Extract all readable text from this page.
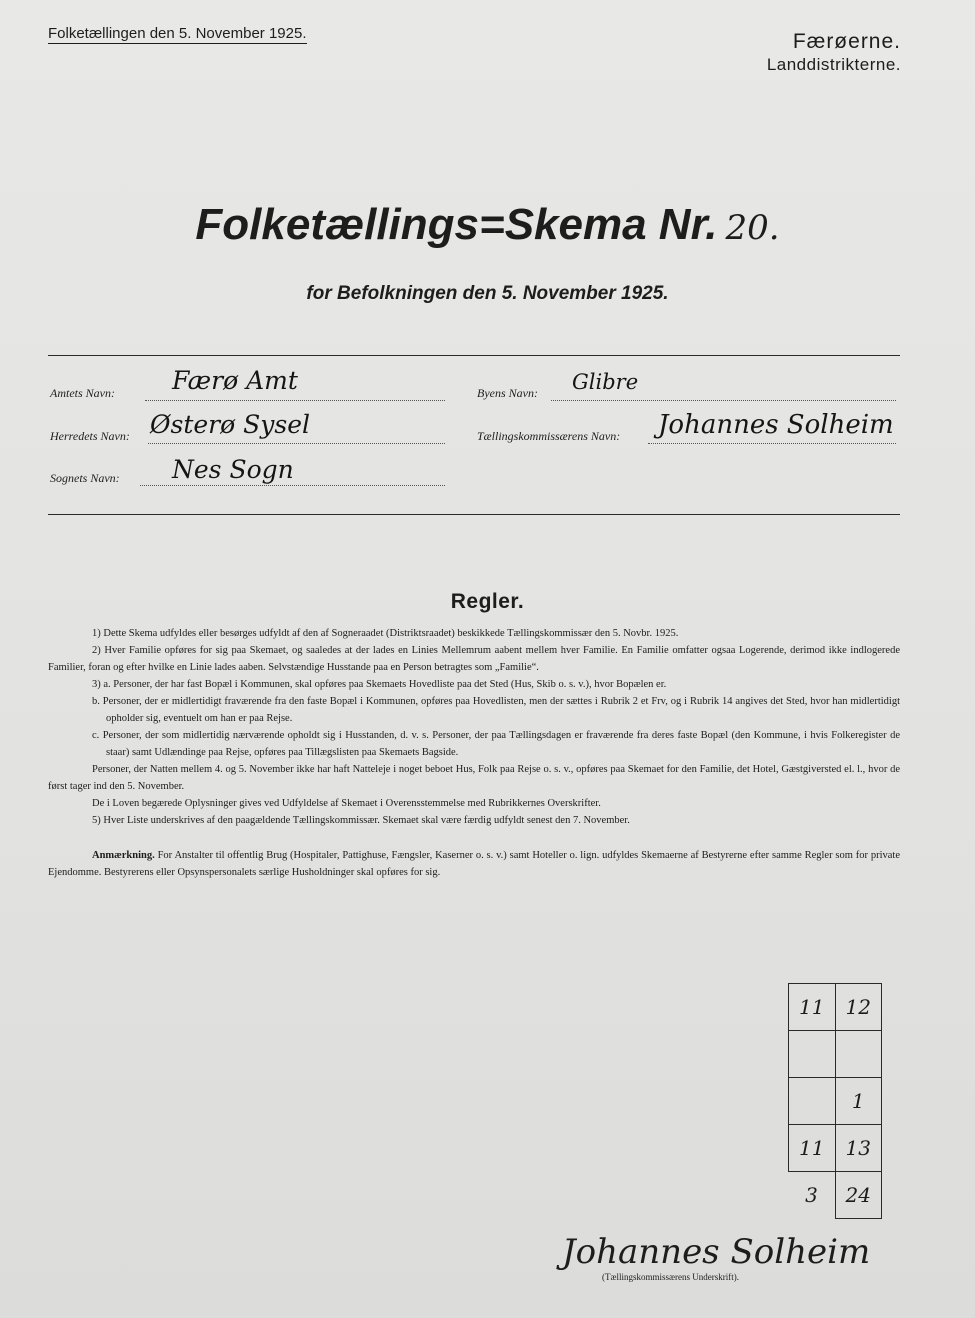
Folketællingen den 5. November 1925.	Færøerne.
Landdistrikterne.
Folketællings=Skema Nr. 20.
for Befolkningen den 5. November 1925.
Amtets Navn: Færø Amt
Herredets Navn: Østerø Sysel
Sognets Navn: Nes Sogn
Byens Navn: Glibre
Tællingskommissærens Navn: Johannes Solheim
Regler.

1) Dette Skema udfyldes eller besørges udfyldt af den af Sogneraadet (Distriktsraadet) beskikkede Tællingskommissær den 5. Novbr. 1925.

2) Hver Familie opføres for sig paa Skemaet, og saaledes at der lades en Linies Mellemrum aabent mellem hver Familie. En Familie omfatter ogsaa Logerende, derimod ikke indlogerede Familier, foran og efter hvilke en Linie lades aaben. Selvstændige Husstande paa en Person betragtes som „Familie“.

3) a. Personer, der har fast Bopæl i Kommunen, skal opføres paa Skemaets Hovedliste paa det Sted (Hus, Skib o. s. v.), hvor Bopælen er.

b. Personer, der er midlertidigt fraværende fra den faste Bopæl i Kommunen, opføres paa Hovedlisten, men der sættes i Rubrik 2 et Frv, og i Rubrik 14 angives det Sted, hvor han midlertidigt opholder sig, eventuelt om han er paa Rejse.

c. Personer, der som midlertidig nærværende opholdt sig i Husstanden, d. v. s. Personer, der paa Tællingsdagen er fraværende fra deres faste Bopæl (den Kommune, i hvis Folkeregister de staar) samt Udlændinge paa Rejse, opføres paa Tillægslisten paa Skemaets Bagside.

Personer, der Natten mellem 4. og 5. November ikke har haft Natteleje i noget beboet Hus, Folk paa Rejse o. s. v., opføres paa Skemaet for den Familie, det Hotel, Gæstgiversted el. l., hvor de først tager ind den 5. November.

De i Loven begærede Oplysninger gives ved Udfyldelse af Skemaet i Overensstemmelse med Rubrikkernes Overskrifter.

5) Hver Liste underskrives af den paagældende Tællingskommissær. Skemaet skal være færdig udfyldt senest den 7. November.

Anmærkning. For Anstalter til offentlig Brug (Hospitaler, Pattighuse, Fængsler, Kaserner o. s. v.) samt Hoteller o. lign. udfyldes Skemaerne af Bestyrerne efter samme Regler som for private Ejendomme. Bestyrerens eller Opsynspersonalets særlige Husholdninger skal opføres for sig.

11	12

	1
11	13
3	24
Johannes Solheim
(Tællingskommissærens Underskrift).
